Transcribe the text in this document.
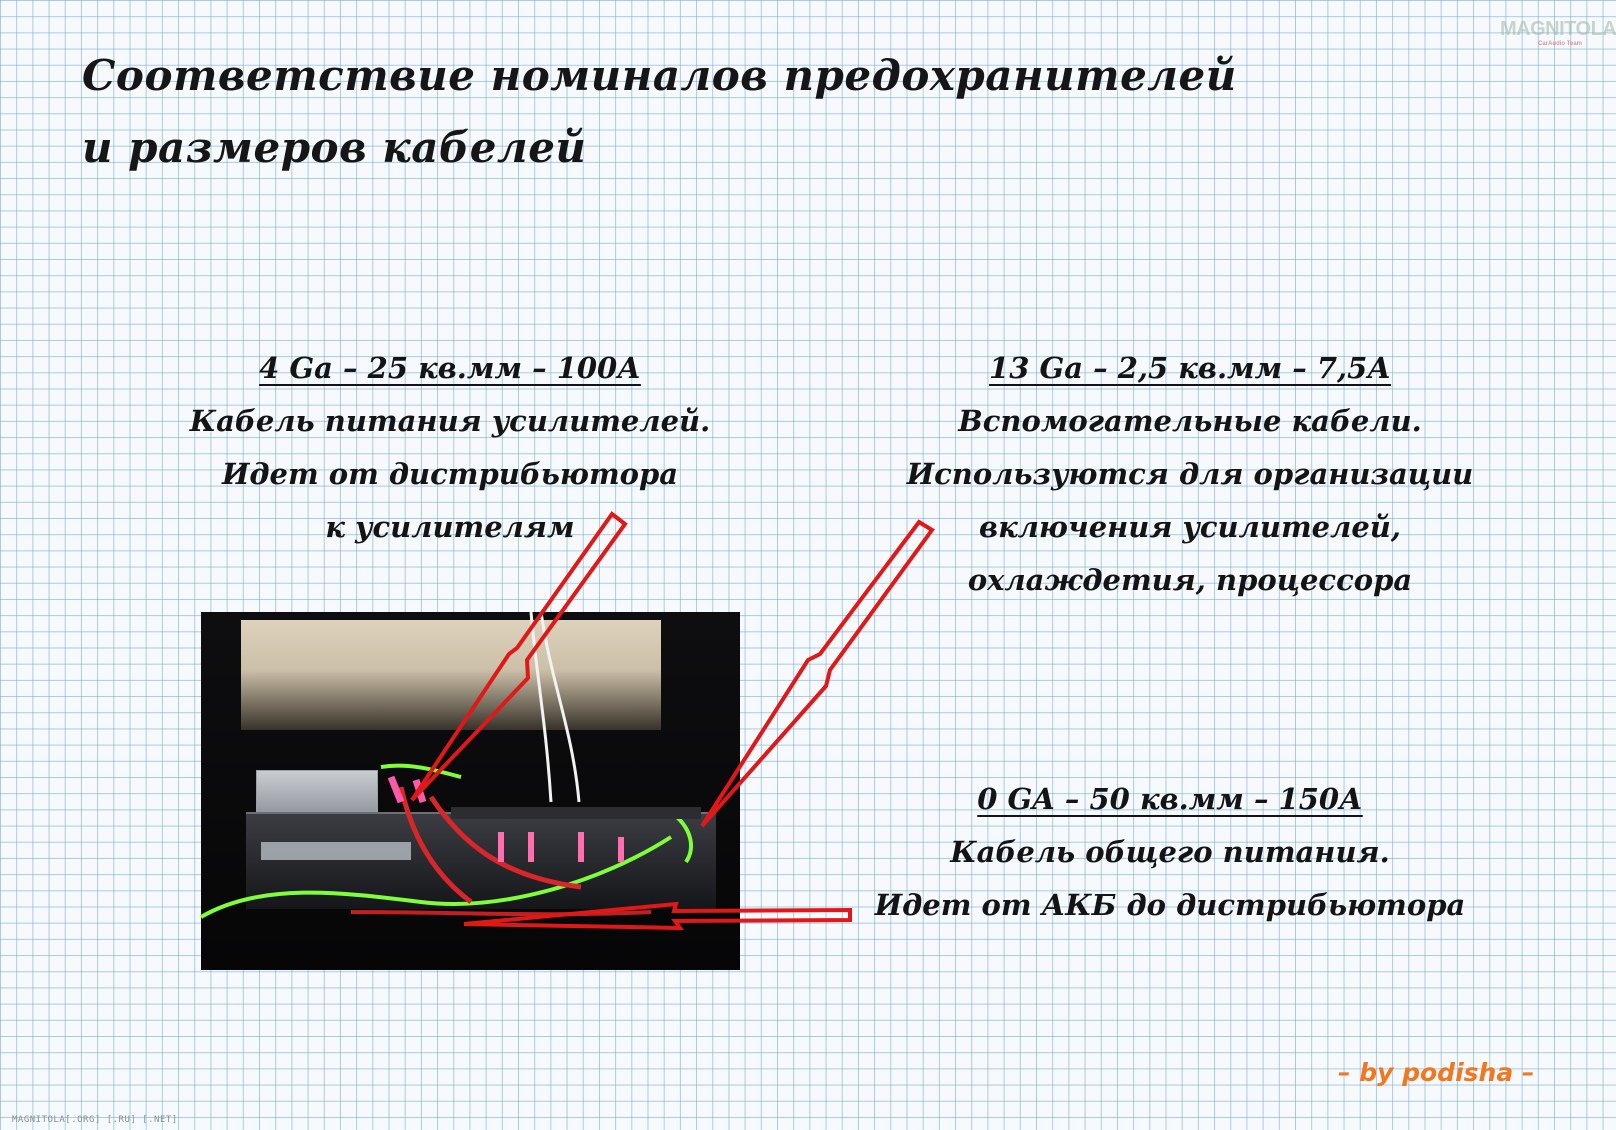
Соответствие номиналов предохранителей
и размеров кабелей
MAGNITOLA
CarAudio Team
4 Ga – 25 кв.мм – 100А
Кабель питания усилителей.
Идет от дистрибьютора
к усилителям
13 Ga – 2,5 кв.мм – 7,5А
Вспомогательные кабели.
Используются для организации
включения усилителей,
охлаждетия, процессора
0 GA – 50 кв.мм – 150А
Кабель общего питания.
Идет от АКБ до дистрибьютора
– by podisha –
MAGNITOLA[.ORG] [.RU] [.NET]
